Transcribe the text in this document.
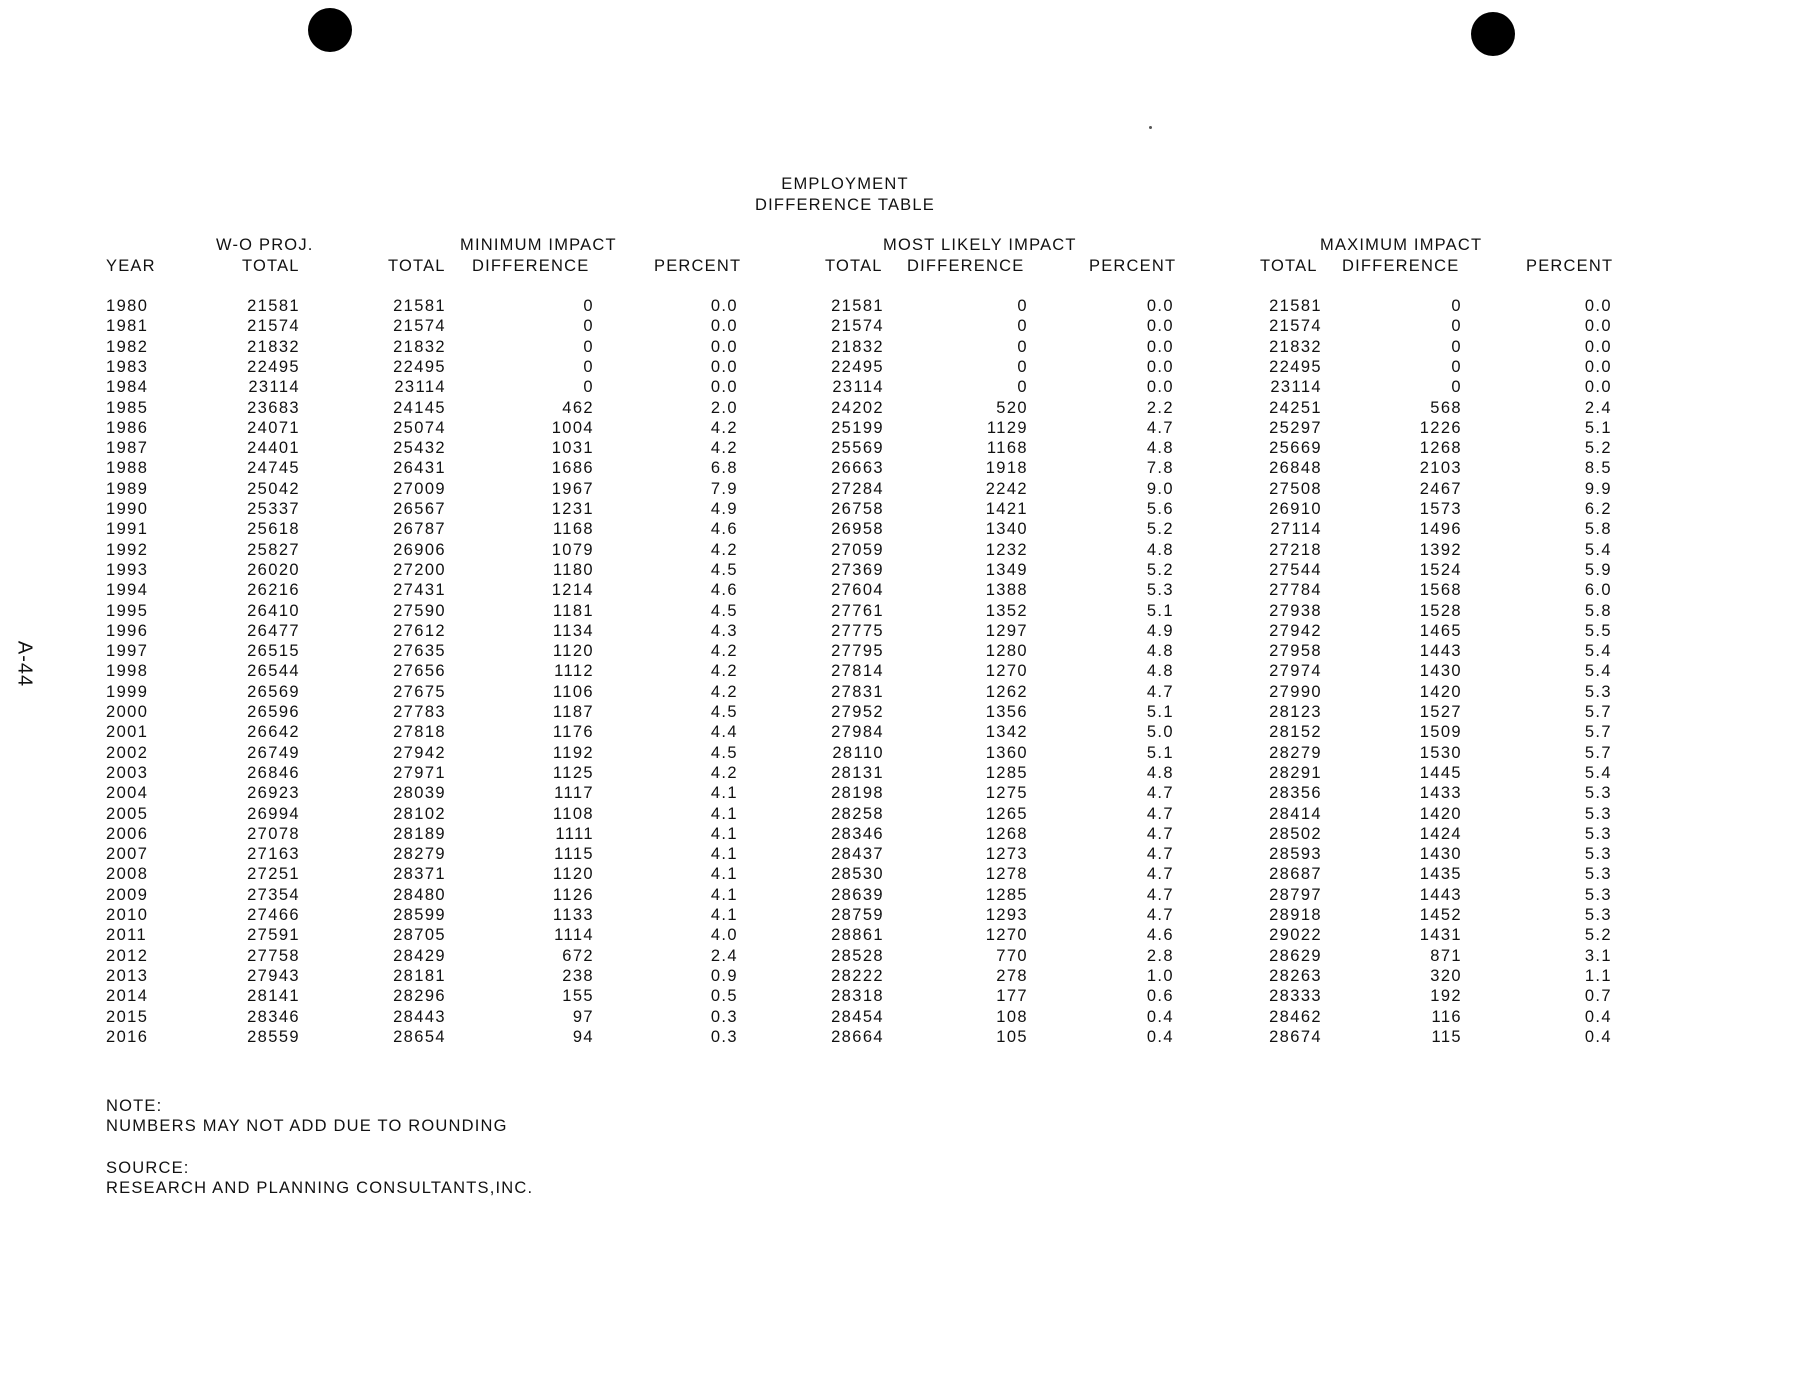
A-44
EMPLOYMENT
DIFFERENCE TABLE
W-O PROJ.	MINIMUM IMPACT	MOST LIKELY IMPACT	MAXIMUM IMPACT
YEAR	TOTAL	TOTAL DIFFERENCE	PERCENT	TOTAL DIFFERENCE	PERCENT	TOTAL DIFFERENCE	PERCENT
1980	21581	21581	0	0.0	21581	0	0.0	21581	0	0.0
1981	21574	21574	0	0.0	21574	0	0.0	21574	0	0.0
1982	21832	21832	0	0.0	21832	0	0.0	21832	0	0.0
1983	22495	22495	0	0.0	22495	0	0.0	22495	0	0.0
1984	23114	23114	0	0.0	23114	0	0.0	23114	0	0.0
1985	23683	24145	462	2.0	24202	520	2.2	24251	568	2.4
1986	24071	25074	1004	4.2	25199	1129	4.7	25297	1226	5.1
1987	24401	25432	1031	4.2	25569	1168	4.8	25669	1268	5.2
1988	24745	26431	1686	6.8	26663	1918	7.8	26848	2103	8.5
1989	25042	27009	1967	7.9	27284	2242	9.0	27508	2467	9.9
1990	25337	26567	1231	4.9	26758	1421	5.6	26910	1573	6.2
1991	25618	26787	1168	4.6	26958	1340	5.2	27114	1496	5.8
1992	25827	26906	1079	4.2	27059	1232	4.8	27218	1392	5.4
1993	26020	27200	1180	4.5	27369	1349	5.2	27544	1524	5.9
1994	26216	27431	1214	4.6	27604	1388	5.3	27784	1568	6.0
1995	26410	27590	1181	4.5	27761	1352	5.1	27938	1528	5.8
1996	26477	27612	1134	4.3	27775	1297	4.9	27942	1465	5.5
1997	26515	27635	1120	4.2	27795	1280	4.8	27958	1443	5.4
1998	26544	27656	1112	4.2	27814	1270	4.8	27974	1430	5.4
1999	26569	27675	1106	4.2	27831	1262	4.7	27990	1420	5.3
2000	26596	27783	1187	4.5	27952	1356	5.1	28123	1527	5.7
2001	26642	27818	1176	4.4	27984	1342	5.0	28152	1509	5.7
2002	26749	27942	1192	4.5	28110	1360	5.1	28279	1530	5.7
2003	26846	27971	1125	4.2	28131	1285	4.8	28291	1445	5.4
2004	26923	28039	1117	4.1	28198	1275	4.7	28356	1433	5.3
2005	26994	28102	1108	4.1	28258	1265	4.7	28414	1420	5.3
2006	27078	28189	1111	4.1	28346	1268	4.7	28502	1424	5.3
2007	27163	28279	1115	4.1	28437	1273	4.7	28593	1430	5.3
2008	27251	28371	1120	4.1	28530	1278	4.7	28687	1435	5.3
2009	27354	28480	1126	4.1	28639	1285	4.7	28797	1443	5.3
2010	27466	28599	1133	4.1	28759	1293	4.7	28918	1452	5.3
2011	27591	28705	1114	4.0	28861	1270	4.6	29022	1431	5.2
2012	27758	28429	672	2.4	28528	770	2.8	28629	871	3.1
2013	27943	28181	238	0.9	28222	278	1.0	28263	320	1.1
2014	28141	28296	155	0.5	28318	177	0.6	28333	192	0.7
2015	28346	28443	97	0.3	28454	108	0.4	28462	116	0.4
2016	28559	28654	94	0.3	28664	105	0.4	28674	115	0.4
NOTE:
NUMBERS MAY NOT ADD DUE TO ROUNDING
SOURCE:
RESEARCH AND PLANNING CONSULTANTS,INC.
